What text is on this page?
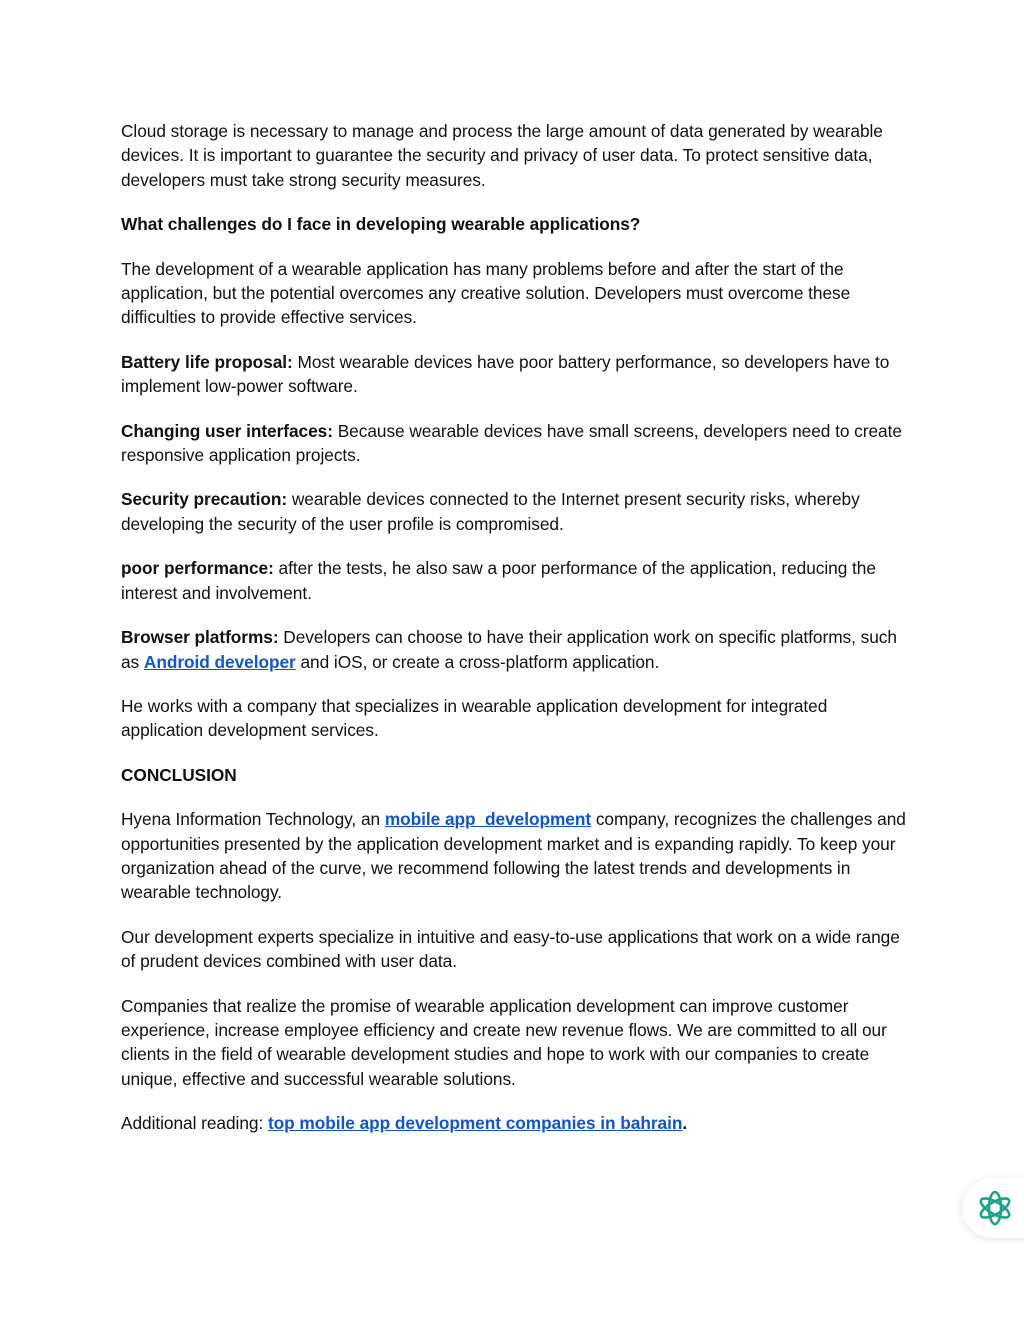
Cloud storage is necessary to manage and process the large amount of data generated by wearable devices. It is important to guarantee the security and privacy of user data. To protect sensitive data, developers must take strong security measures.

What challenges do I face in developing wearable applications?

The development of a wearable application has many problems before and after the start of the application, but the potential overcomes any creative solution. Developers must overcome these difficulties to provide effective services.

Battery life proposal: Most wearable devices have poor battery performance, so developers have to implement low-power software.

Changing user interfaces: Because wearable devices have small screens, developers need to create responsive application projects.

Security precaution: wearable devices connected to the Internet present security risks, whereby developing the security of the user profile is compromised.

poor performance: after the tests, he also saw a poor performance of the application, reducing the interest and involvement.

Browser platforms: Developers can choose to have their application work on specific platforms, such as Android developer and iOS, or create a cross-platform application.

He works with a company that specializes in wearable application development for integrated application development services.

CONCLUSION

Hyena Information Technology, an mobile app  development company, recognizes the challenges and opportunities presented by the application development market and is expanding rapidly. To keep your organization ahead of the curve, we recommend following the latest trends and developments in wearable technology.

Our development experts specialize in intuitive and easy-to-use applications that work on a wide range of prudent devices combined with user data.

Companies that realize the promise of wearable application development can improve customer experience, increase employee efficiency and create new revenue flows. We are committed to all our clients in the field of wearable development studies and hope to work with our companies to create unique, effective and successful wearable solutions.

Additional reading: top mobile app development companies in bahrain.
